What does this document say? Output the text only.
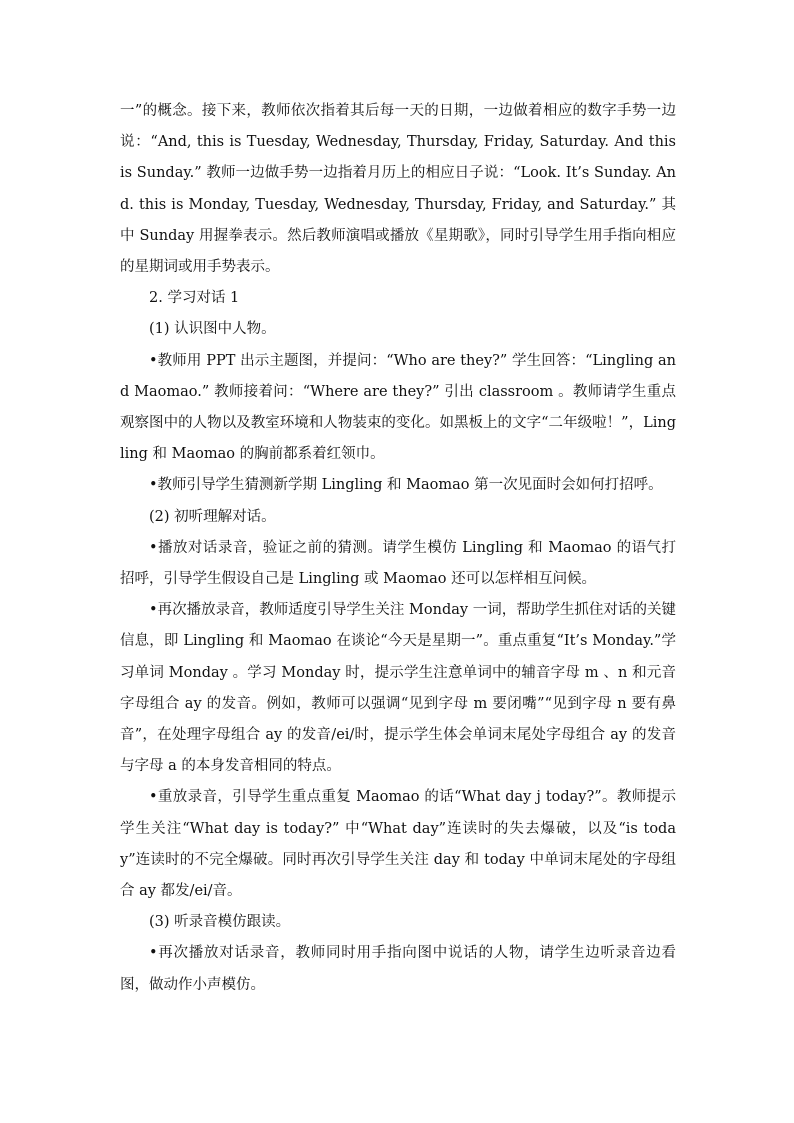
一”的概念。接下来，教师依次指着其后每一天的日期，一边做着相应的数字手势一边说：“And, this is Tuesday, Wednesday, Thursday, Friday, Saturday. And this is Sunday.” 教师一边做手势一边指着月历上的相应日子说：“Look. It’s Sunday. And. this is Monday, Tuesday, Wednesday, Thursday, Friday, and Saturday.” 其中 Sunday 用握拳表示。然后教师演唱或播放《星期歌》，同时引导学生用手指向相应的星期词或用手势表示。

2. 学习对话 1

(1) 认识图中人物。

•教师用 PPT 出示主题图，并提问：“Who are they?” 学生回答：“Lingling and Maomao.” 教师接着问：“Where are they?” 引出 classroom 。教师请学生重点观察图中的人物以及教室环境和人物装束的变化。如黑板上的文字“二年级啦！”，Lingling 和 Maomao 的胸前都系着红领巾。

•教师引导学生猜测新学期 Lingling 和 Maomao 第一次见面时会如何打招呼。

(2) 初听理解对话。

•播放对话录音，验证之前的猜测。请学生模仿 Lingling 和 Maomao 的语气打招呼，引导学生假设自己是 Lingling 或 Maomao 还可以怎样相互问候。

•再次播放录音，教师适度引导学生关注 Monday 一词，帮助学生抓住对话的关键信息，即 Lingling 和 Maomao 在谈论“今天是星期一”。重点重复“It’s Monday.”学习单词 Monday 。学习 Monday 时，提示学生注意单词中的辅音字母 m 、n 和元音字母组合 ay 的发音。例如，教师可以强调“见到字母 m 要闭嘴”“见到字母 n 要有鼻音”，在处理字母组合 ay 的发音/ei/时，提示学生体会单词末尾处字母组合 ay 的发音与字母 a 的本身发音相同的特点。

•重放录音，引导学生重点重复 Maomao 的话“What day j today?”。教师提示学生关注“What day is today?” 中“What day”连读时的失去爆破，以及“is today”连读时的不完全爆破。同时再次引导学生关注 day 和 today 中单词末尾处的字母组合 ay 都发/ei/音。

(3) 听录音模仿跟读。

•再次播放对话录音，教师同时用手指向图中说话的人物，请学生边听录音边看图，做动作小声模仿。
